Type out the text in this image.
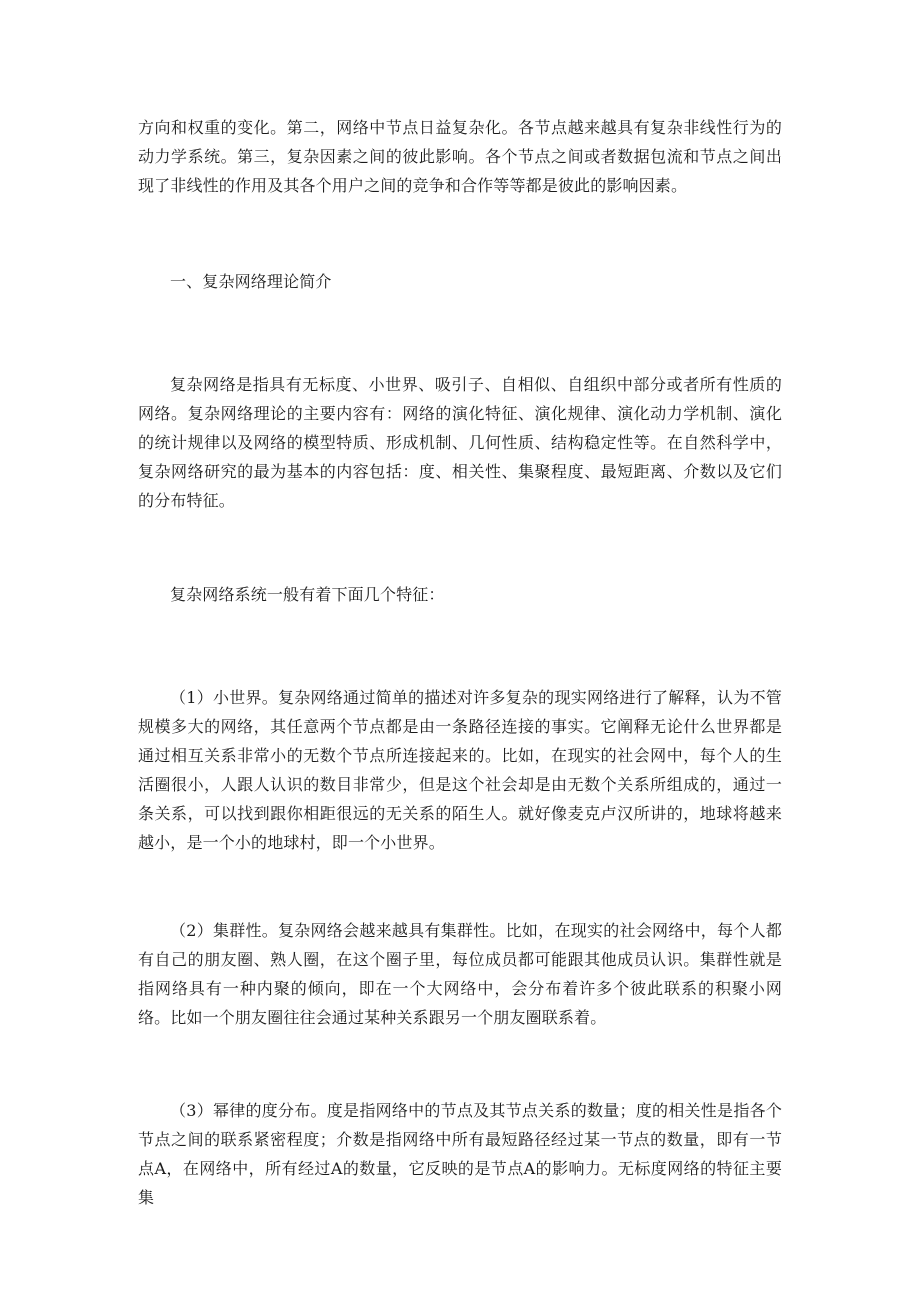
方向和权重的变化。第二，网络中节点日益复杂化。各节点越来越具有复杂非线性行为的动力学系统。第三，复杂因素之间的彼此影响。各个节点之间或者数据包流和节点之间出现了非线性的作用及其各个用户之间的竞争和合作等等都是彼此的影响因素。

一、复杂网络理论简介

复杂网络是指具有无标度、小世界、吸引子、自相似、自组织中部分或者所有性质的网络。复杂网络理论的主要内容有：网络的演化特征、演化规律、演化动力学机制、演化的统计规律以及网络的模型特质、形成机制、几何性质、结构稳定性等。在自然科学中，复杂网络研究的最为基本的内容包括：度、相关性、集聚程度、最短距离、介数以及它们的分布特征。

复杂网络系统一般有着下面几个特征：

（1）小世界。复杂网络通过简单的描述对许多复杂的现实网络进行了解释，认为不管规模多大的网络，其任意两个节点都是由一条路径连接的事实。它阐释无论什么世界都是通过相互关系非常小的无数个节点所连接起来的。比如，在现实的社会网中，每个人的生活圈很小，人跟人认识的数目非常少，但是这个社会却是由无数个关系所组成的，通过一条关系，可以找到跟你相距很远的无关系的陌生人。就好像麦克卢汉所讲的，地球将越来越小，是一个小的地球村，即一个小世界。

（2）集群性。复杂网络会越来越具有集群性。比如，在现实的社会网络中，每个人都有自己的朋友圈、熟人圈，在这个圈子里，每位成员都可能跟其他成员认识。集群性就是指网络具有一种内聚的倾向，即在一个大网络中，会分布着许多个彼此联系的积聚小网络。比如一个朋友圈往往会通过某种关系跟另一个朋友圈联系着。

（3）幂律的度分布。度是指网络中的节点及其节点关系的数量；度的相关性是指各个节点之间的联系紧密程度；介数是指网络中所有最短路径经过某一节点的数量，即有一节点A，在网络中，所有经过A的数量，它反映的是节点A的影响力。无标度网络的特征主要集
